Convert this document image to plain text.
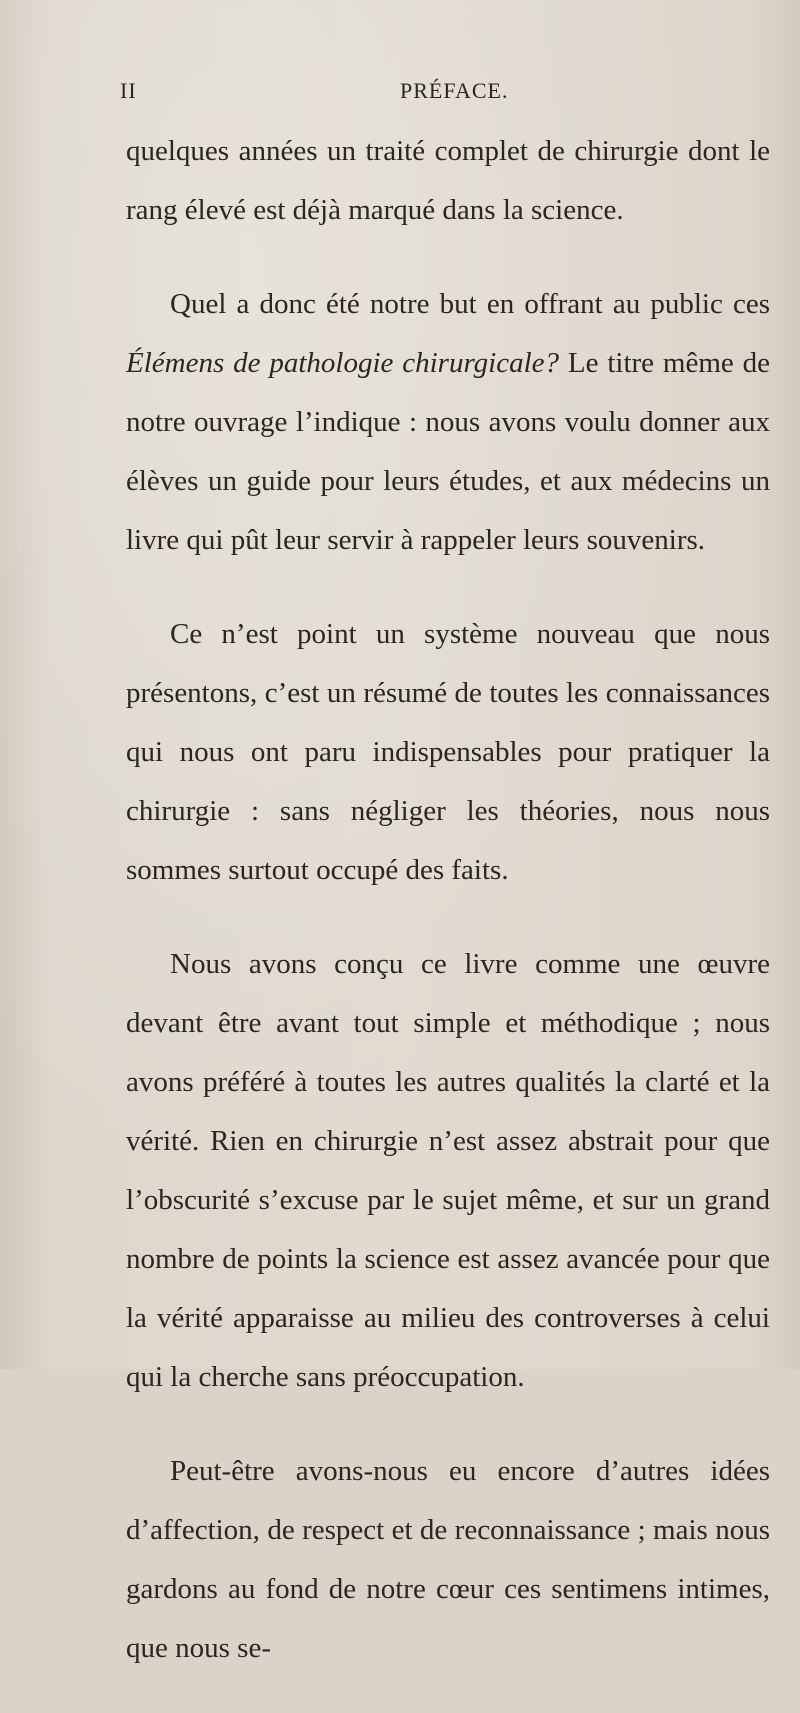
II	PRÉFACE.

quelques années un traité complet de chirurgie dont le rang élevé est déjà marqué dans la science.

Quel a donc été notre but en offrant au public ces Élémens de pathologie chirurgicale? Le titre même de notre ouvrage l’indique : nous avons voulu donner aux élèves un guide pour leurs études, et aux médecins un livre qui pût leur servir à rappeler leurs souvenirs.

Ce n’est point un système nouveau que nous présentons, c’est un résumé de toutes les connaissances qui nous ont paru indispensables pour pratiquer la chirurgie : sans négliger les théories, nous nous sommes surtout occupé des faits.

Nous avons conçu ce livre comme une œuvre devant être avant tout simple et méthodique ; nous avons préféré à toutes les autres qualités la clarté et la vérité. Rien en chirurgie n’est assez abstrait pour que l’obscurité s’excuse par le sujet même, et sur un grand nombre de points la science est assez avancée pour que la vérité apparaisse au milieu des controverses à celui qui la cherche sans préoccupation.

Peut-être avons-nous eu encore d’autres idées d’affection, de respect et de reconnaissance ; mais nous gardons au fond de notre cœur ces sentimens intimes, que nous se-
